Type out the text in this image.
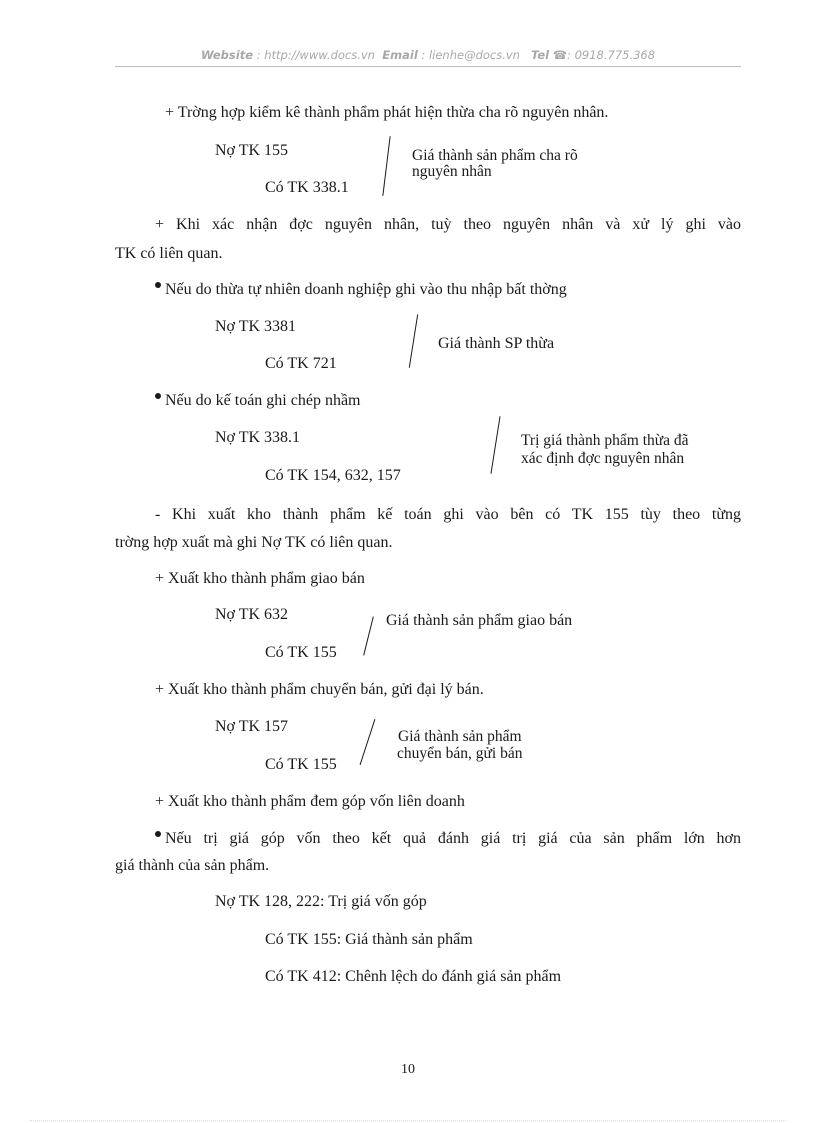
Website : http://www.docs.vn Email : lienhe@docs.vn Tel ☎: 0918.775.368
+ Trờng hợp kiểm kê thành phẩm phát hiện thừa cha rõ nguyên nhân.
Nợ TK 155
Có TK 338.1
Giá thành sản phẩm cha rõ
nguyên nhân
+ Khi xác nhận đợc nguyên nhân, tuỳ theo nguyên nhân và xử lý ghi vào
TK có liên quan.
Nếu do thừa tự nhiên doanh nghiệp ghi vào thu nhập bất thờng
Nợ TK 3381
Có TK 721
Giá thành SP thừa
Nếu do kế toán ghi chép nhầm
Nợ TK 338.1
Có TK 154, 632, 157
Trị giá thành phẩm thừa đã
xác định đợc nguyên nhân
- Khi xuất kho thành phẩm kế toán ghi vào bên có TK 155 tùy theo từng
trờng hợp xuất mà ghi Nợ TK có liên quan.
+ Xuất kho thành phẩm giao bán
Nợ TK 632
Có TK 155
Giá thành sản phẩm giao bán
+ Xuất kho thành phẩm chuyển bán, gửi đại lý bán.
Nợ TK 157
Có TK 155
Giá thành sản phẩm
chuyển bán, gửi bán
+ Xuất kho thành phẩm đem góp vốn liên doanh
Nếu trị giá góp vốn theo kết quả đánh giá trị giá của sản phẩm lớn hơn
giá thành của sản phẩm.
Nợ TK 128, 222: Trị giá vốn góp
Có TK 155: Giá thành sản phẩm
Có TK 412: Chênh lệch do đánh giá sản phẩm
10
